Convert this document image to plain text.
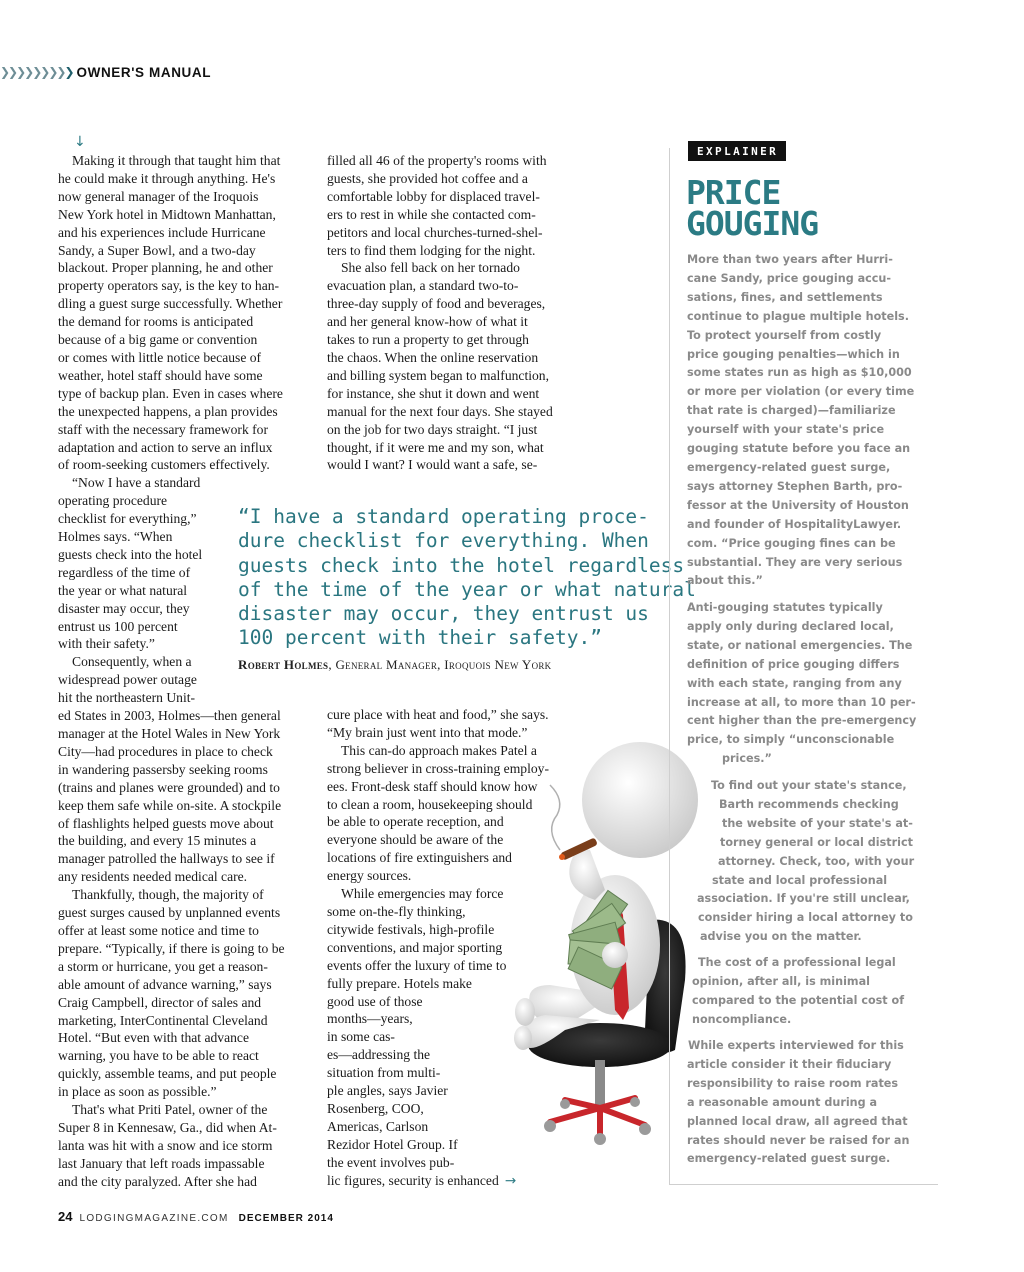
❯❯❯❯❯❯❯❯❯ OWNER'S MANUAL
↓
Making it through that taught him that
he could make it through anything. He's
now general manager of the Iroquois
New York hotel in Midtown Manhattan,
and his experiences include Hurricane
Sandy, a Super Bowl, and a two-day
blackout. Proper planning, he and other
property operators say, is the key to han-
dling a guest surge successfully. Whether
the demand for rooms is anticipated
because of a big game or convention
or comes with little notice because of
weather, hotel staff should have some
type of backup plan. Even in cases where
the unexpected happens, a plan provides
staff with the necessary framework for
adaptation and action to serve an influx
of room-seeking customers effectively.
“Now I have a standard
operating procedure
checklist for everything,”
Holmes says. “When
guests check into the hotel
regardless of the time of
the year or what natural
disaster may occur, they
entrust us 100 percent
with their safety.”
Consequently, when a
widespread power outage
hit the northeastern Unit-
ed States in 2003, Holmes—then general
manager at the Hotel Wales in New York
City—had procedures in place to check
in wandering passersby seeking rooms
(trains and planes were grounded) and to
keep them safe while on-site. A stockpile
of flashlights helped guests move about
the building, and every 15 minutes a
manager patrolled the hallways to see if
any residents needed medical care.
Thankfully, though, the majority of
guest surges caused by unplanned events
offer at least some notice and time to
prepare. “Typically, if there is going to be
a storm or hurricane, you get a reason-
able amount of advance warning,” says
Craig Campbell, director of sales and
marketing, InterContinental Cleveland
Hotel. “But even with that advance
warning, you have to be able to react
quickly, assemble teams, and put people
in place as soon as possible.”
That's what Priti Patel, owner of the
Super 8 in Kennesaw, Ga., did when At-
lanta was hit with a snow and ice storm
last January that left roads impassable
and the city paralyzed. After she had
filled all 46 of the property's rooms with
guests, she provided hot coffee and a
comfortable lobby for displaced travel-
ers to rest in while she contacted com-
petitors and local churches-turned-shel-
ters to find them lodging for the night.
She also fell back on her tornado
evacuation plan, a standard two-to-
three-day supply of food and beverages,
and her general know-how of what it
takes to run a property to get through
the chaos. When the online reservation
and billing system began to malfunction,
for instance, she shut it down and went
manual for the next four days. She stayed
on the job for two days straight. “I just
thought, if it were me and my son, what
would I want? I would want a safe, se-
“I have a standard operating proce-
dure checklist for everything. When
guests check into the hotel regardless
of the time of the year or what natural
disaster may occur, they entrust us
100 percent with their safety.”
Robert Holmes, General Manager, Iroquois New York
cure place with heat and food,” she says.
“My brain just went into that mode.”
This can-do approach makes Patel a
strong believer in cross-training employ-
ees. Front-desk staff should know how
to clean a room, housekeeping should
be able to operate reception, and
everyone should be aware of the
locations of fire extinguishers and
energy sources.
While emergencies may force
some on-the-fly thinking,
citywide festivals, high-profile
conventions, and major sporting
events offer the luxury of time to
fully prepare. Hotels make
good use of those
months—years,
in some cas-
es—addressing the
situation from multi-
ple angles, says Javier
Rosenberg, COO,
Americas, Carlson
Rezidor Hotel Group. If
the event involves pub-
lic figures, security is enhanced →
EXPLAINER
PRICE
GOUGING
More than two years after Hurri-
cane Sandy, price gouging accu-
sations, fines, and settlements
continue to plague multiple hotels.
To protect yourself from costly
price gouging penalties—which in
some states run as high as $10,000
or more per violation (or every time
that rate is charged)—familiarize
yourself with your state's price
gouging statute before you face an
emergency-related guest surge,
says attorney Stephen Barth, pro-
fessor at the University of Houston
and founder of HospitalityLawyer.
com. “Price gouging fines can be
substantial. They are very serious
about this.”
Anti-gouging statutes typically
apply only during declared local,
state, or national emergencies. The
definition of price gouging differs
with each state, ranging from any
increase at all, to more than 10 per-
cent higher than the pre-emergency
price, to simply “unconscionable
prices.”
To find out your state's stance,
Barth recommends checking
the website of your state's at-
torney general or local district
attorney. Check, too, with your
state and local professional
association. If you're still unclear,
consider hiring a local attorney to
advise you on the matter.
The cost of a professional legal
opinion, after all, is minimal
compared to the potential cost of
noncompliance.
While experts interviewed for this
article consider it their fiduciary
responsibility to raise room rates
a reasonable amount during a
planned local draw, all agreed that
rates should never be raised for an
emergency-related guest surge.
24 LODGINGMAGAZINE.COM DECEMBER 2014
